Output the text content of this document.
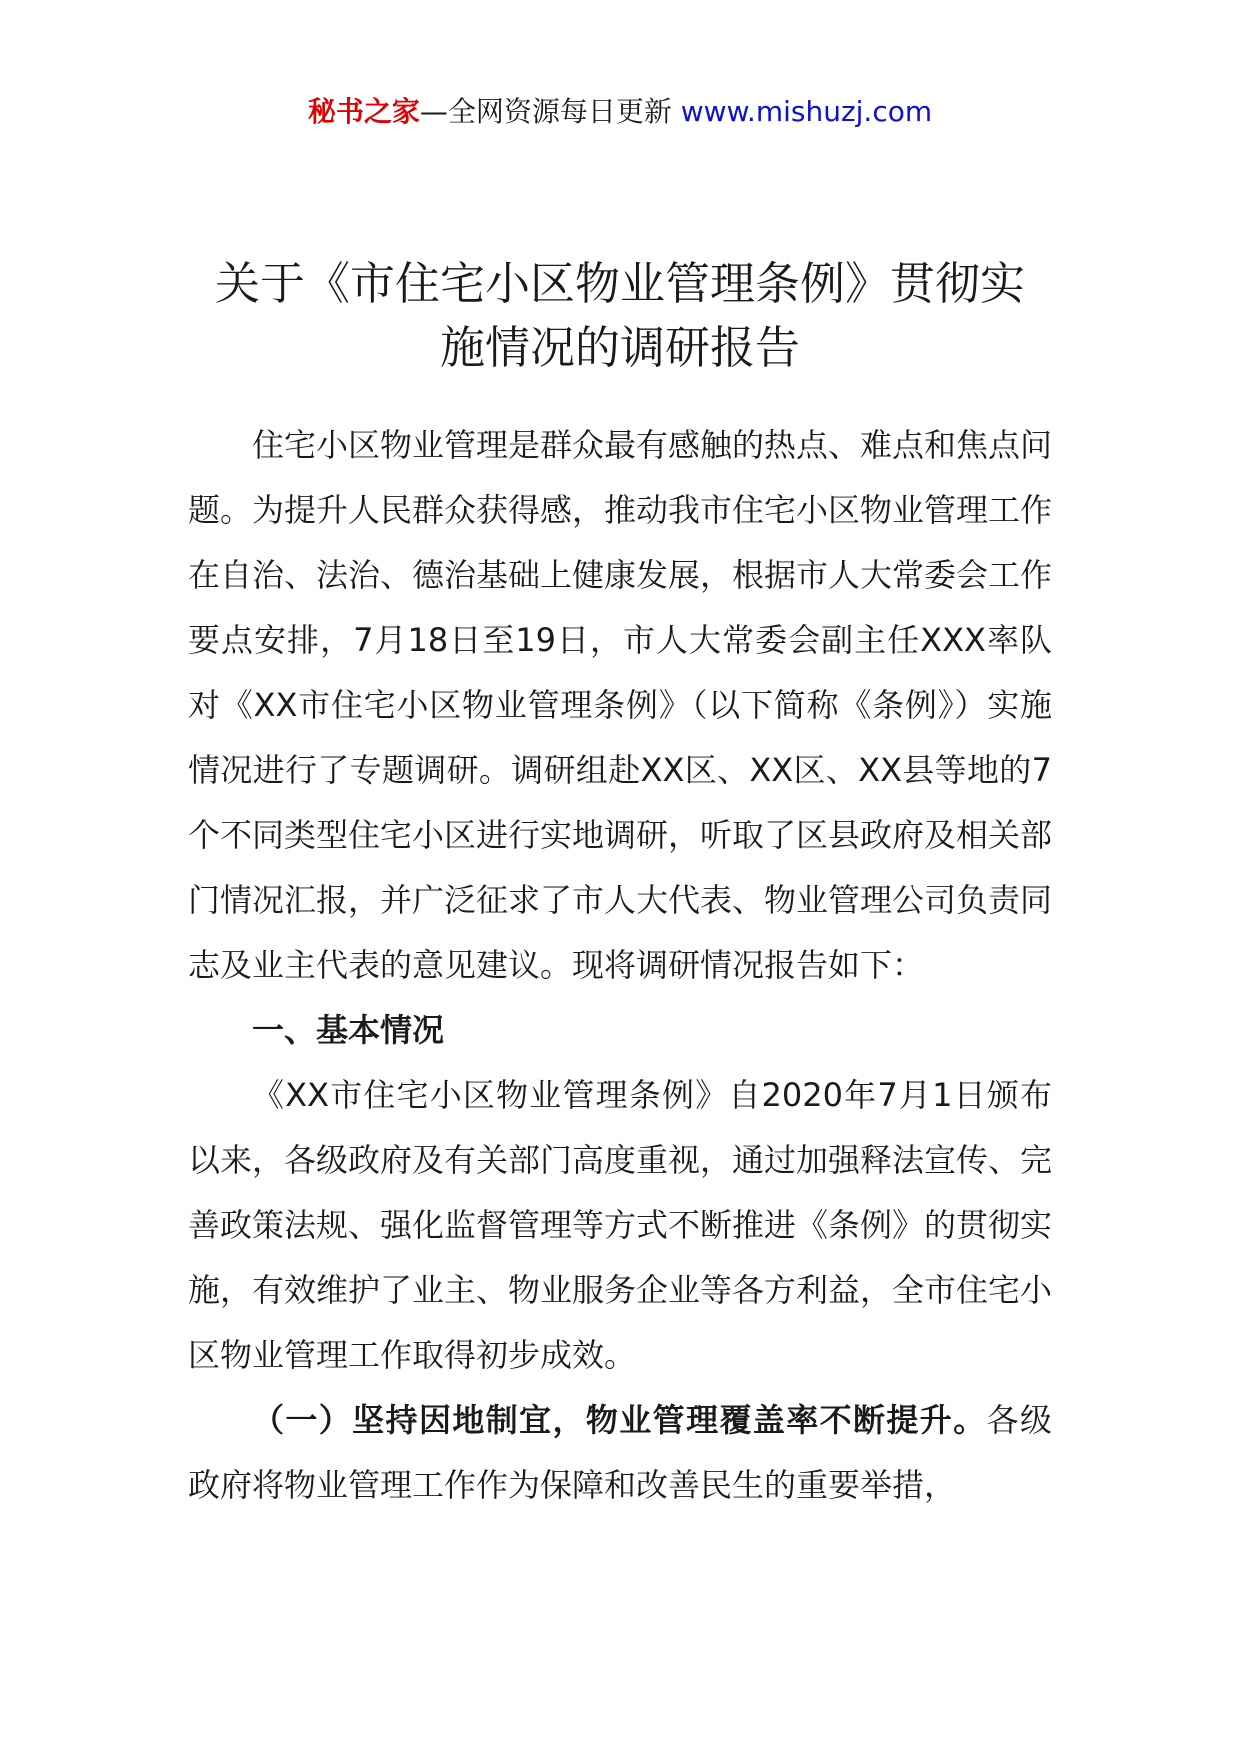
秘书之家—全网资源每日更新 www.mishuzj.com
关于《市住宅小区物业管理条例》贯彻实
施情况的调研报告

住宅小区物业管理是群众最有感触的热点、难点和焦点问题。为提升人民群众获得感，推动我市住宅小区物业管理工作在自治、法治、德治基础上健康发展，根据市人大常委会工作要点安排，7月18日至19日，市人大常委会副主任XXX率队对《XX市住宅小区物业管理条例》（以下简称《条例》）实施情况进行了专题调研。调研组赴XX区、XX区、XX县等地的7个不同类型住宅小区进行实地调研，听取了区县政府及相关部门情况汇报，并广泛征求了市人大代表、物业管理公司负责同志及业主代表的意见建议。现将调研情况报告如下：

一、基本情况

《XX市住宅小区物业管理条例》自2020年7月1日颁布以来，各级政府及有关部门高度重视，通过加强释法宣传、完善政策法规、强化监督管理等方式不断推进《条例》的贯彻实施，有效维护了业主、物业服务企业等各方利益，全市住宅小区物业管理工作取得初步成效。

（一）坚持因地制宜，物业管理覆盖率不断提升。各级政府将物业管理工作作为保障和改善民生的重要举措，
